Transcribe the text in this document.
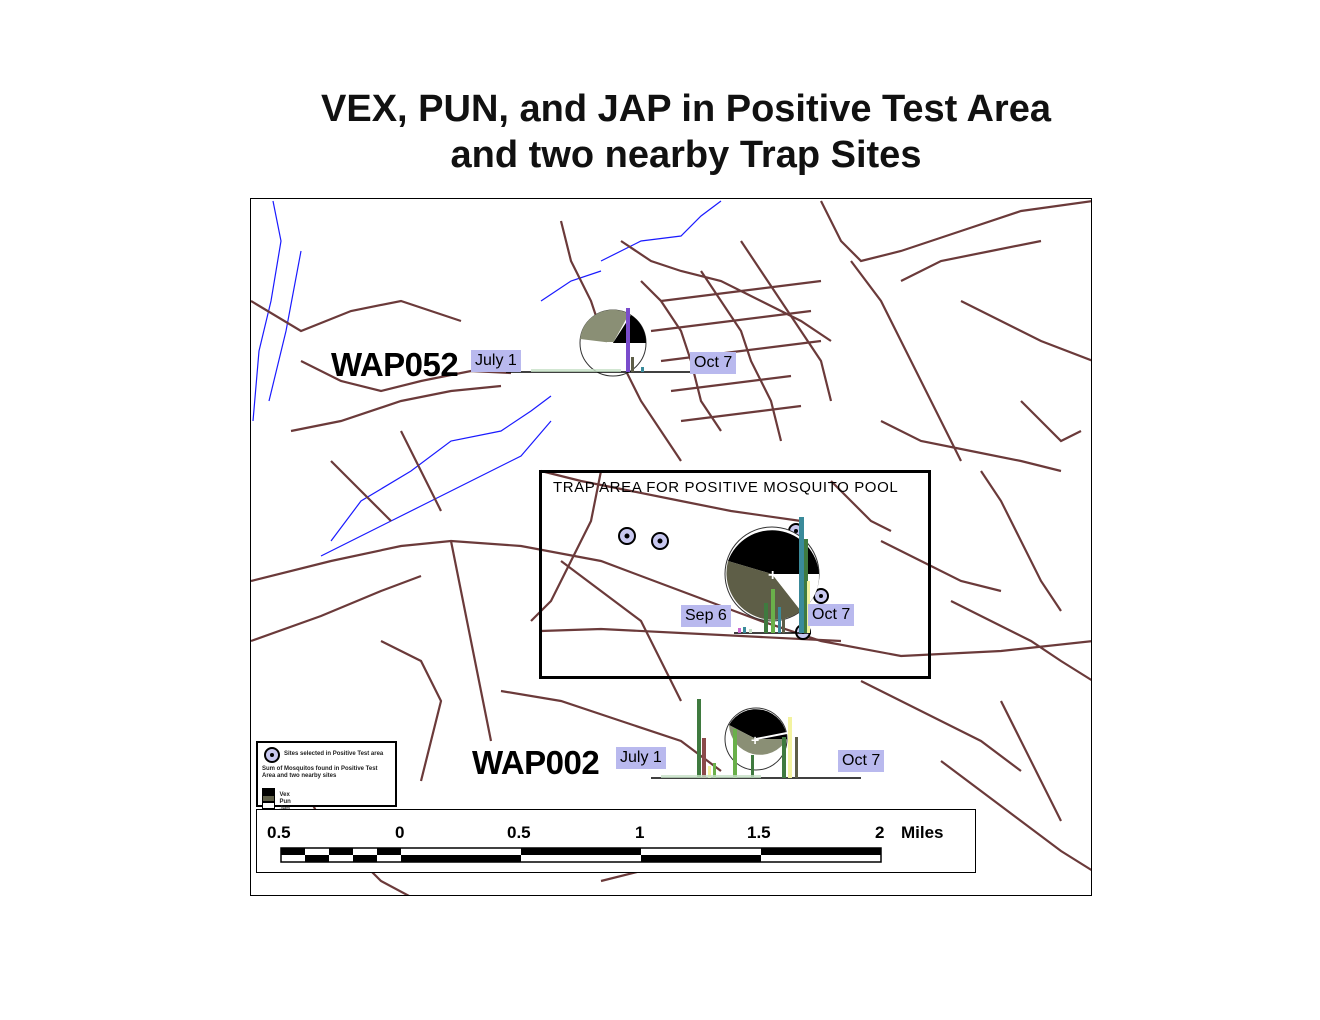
VEX, PUN, and JAP in Positive Test Area
and two nearby Trap Sites
+
+
WAP052 July 1	Oct 7
TRAP AREA FOR POSITIVE MOSQUITO POOL
Sep 6	Oct 7
WAP002 July 1	Oct 7
Sites selected in Positive Test area
Sum of Mosquitos found in Positive Test
Area and two nearby sites
Vex
Pun
0.5	0	0.5	1	1.5	2 Miles
